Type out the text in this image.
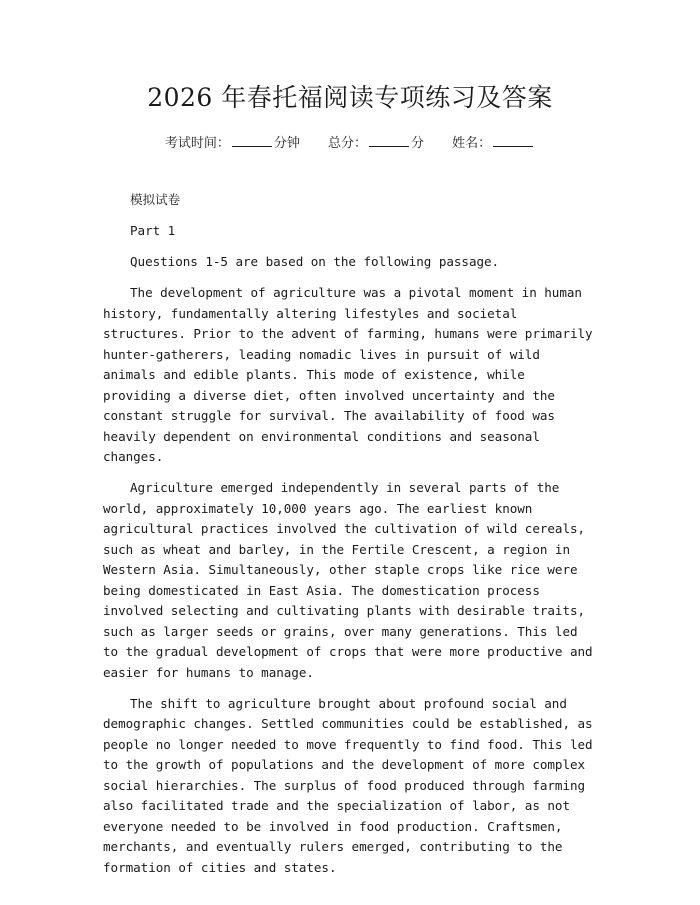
2026 年春托福阅读专项练习及答案
考试时间：	分钟 总分：	分 姓名：

模拟试卷

Part 1

Questions 1-5 are based on the following passage.

The development of agriculture was a pivotal moment in human history, fundamentally altering lifestyles and societal structures. Prior to the advent of farming, humans were primarily hunter-gatherers, leading nomadic lives in pursuit of wild animals and edible plants. This mode of existence, while providing a diverse diet, often involved uncertainty and the constant struggle for survival. The availability of food was heavily dependent on environmental conditions and seasonal changes.

Agriculture emerged independently in several parts of the world, approximately 10,000 years ago. The earliest known agricultural practices involved the cultivation of wild cereals, such as wheat and barley, in the Fertile Crescent, a region in Western Asia. Simultaneously, other staple crops like rice were being domesticated in East Asia. The domestication process involved selecting and cultivating plants with desirable traits, such as larger seeds or grains, over many generations. This led to the gradual development of crops that were more productive and easier for humans to manage.

The shift to agriculture brought about profound social and demographic changes. Settled communities could be established, as people no longer needed to move frequently to find food. This led to the growth of populations and the development of more complex social hierarchies. The surplus of food produced through farming also facilitated trade and the specialization of labor, as not everyone needed to be involved in food production. Craftsmen, merchants, and eventually rulers emerged, contributing to the formation of cities and states.
